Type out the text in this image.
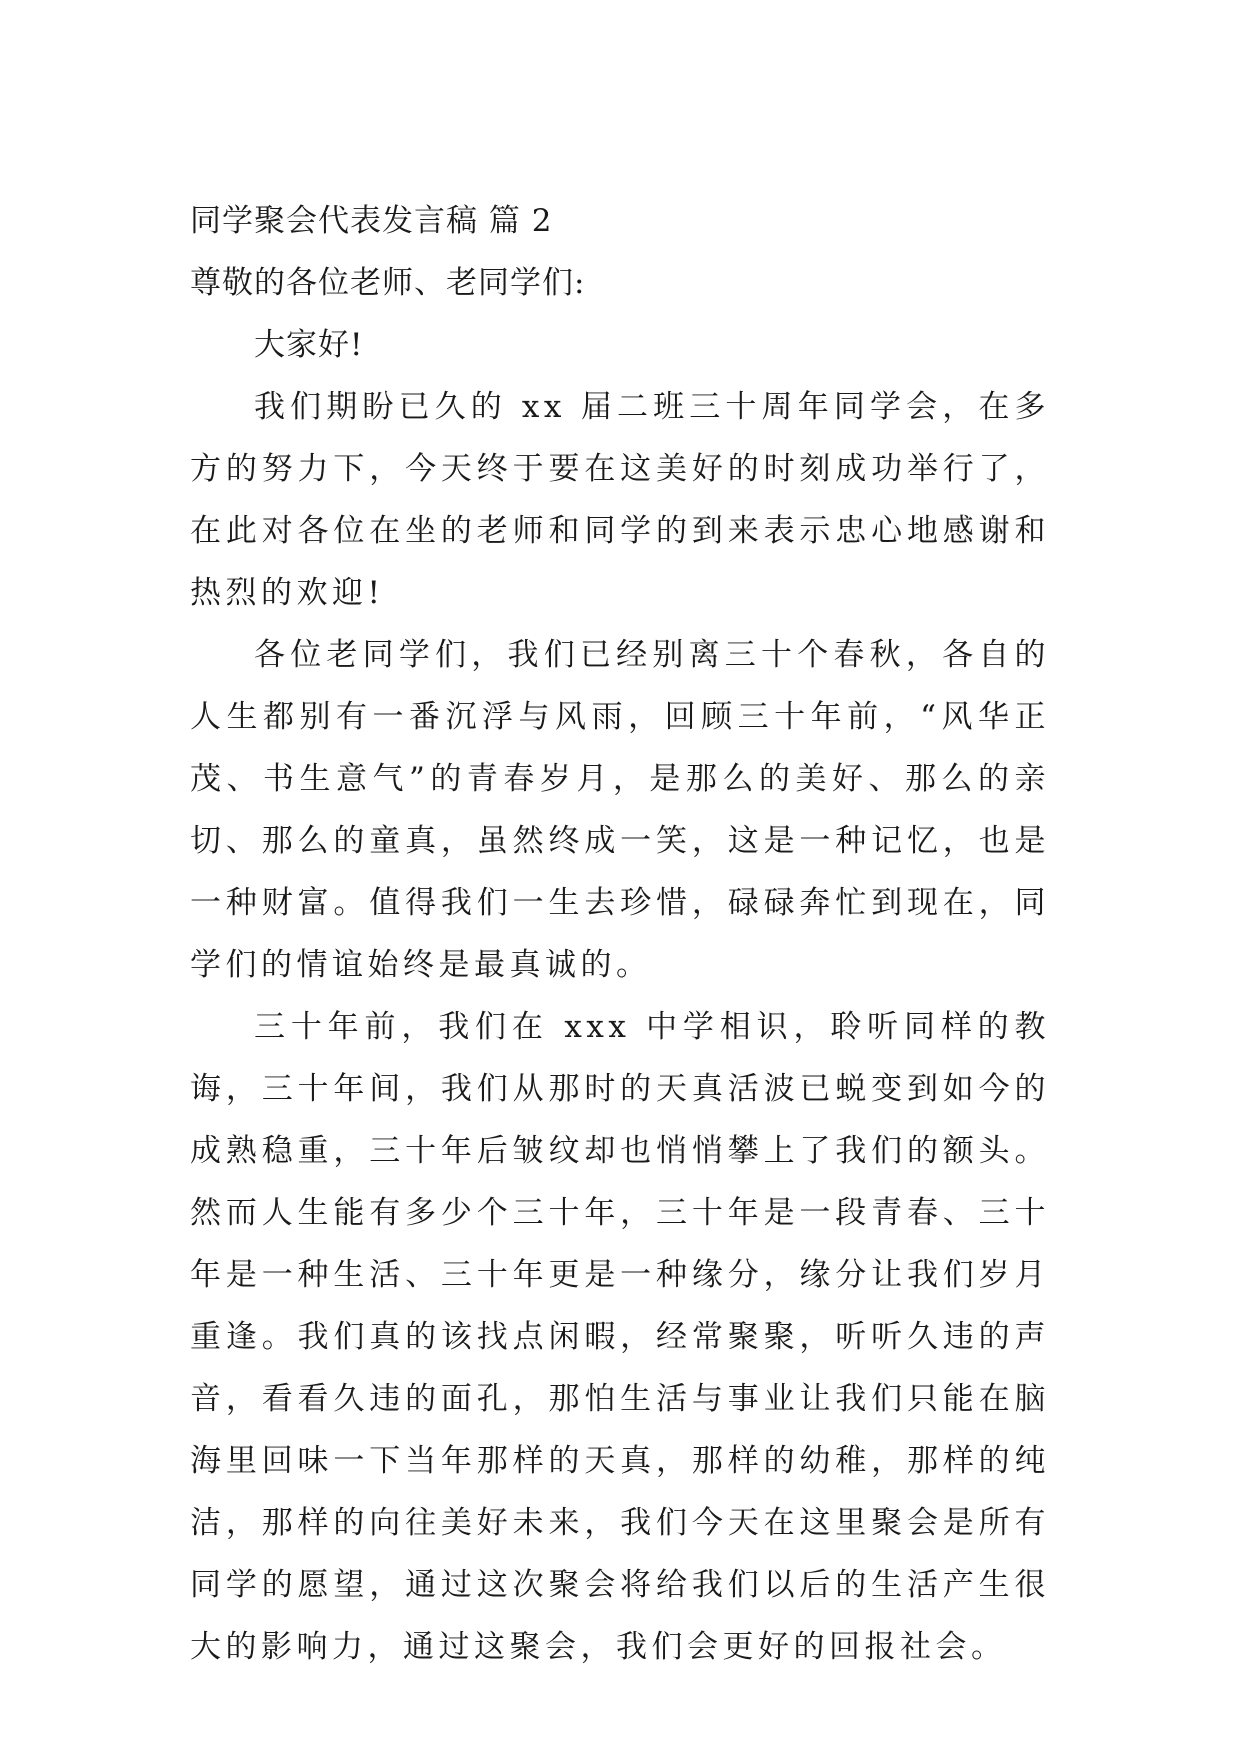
同学聚会代表发言稿 篇 2
尊敬的各位老师、老同学们:

大家好!

我们期盼已久的 xx 届二班三十周年同学会，在多方的努力下，今天终于要在这美好的时刻成功举行了，在此对各位在坐的老师和同学的到来表示忠心地感谢和热烈的欢迎!

各位老同学们，我们已经别离三十个春秋，各自的人生都别有一番沉浮与风雨，回顾三十年前，“风华正茂、书生意气”的青春岁月，是那么的美好、那么的亲切、那么的童真，虽然终成一笑，这是一种记忆，也是一种财富。值得我们一生去珍惜，碌碌奔忙到现在，同学们的情谊始终是最真诚的。

三十年前，我们在 xxx 中学相识，聆听同样的教诲，三十年间，我们从那时的天真活波已蜕变到如今的成熟稳重，三十年后皱纹却也悄悄攀上了我们的额头。然而人生能有多少个三十年，三十年是一段青春、三十年是一种生活、三十年更是一种缘分，缘分让我们岁月重逢。我们真的该找点闲暇，经常聚聚，听听久违的声音，看看久违的面孔，那怕生活与事业让我们只能在脑海里回味一下当年那样的天真，那样的幼稚，那样的纯洁，那样的向往美好未来，我们今天在这里聚会是所有同学的愿望，通过这次聚会将给我们以后的生活产生很大的影响力，通过这聚会，我们会更好的回报社会。
